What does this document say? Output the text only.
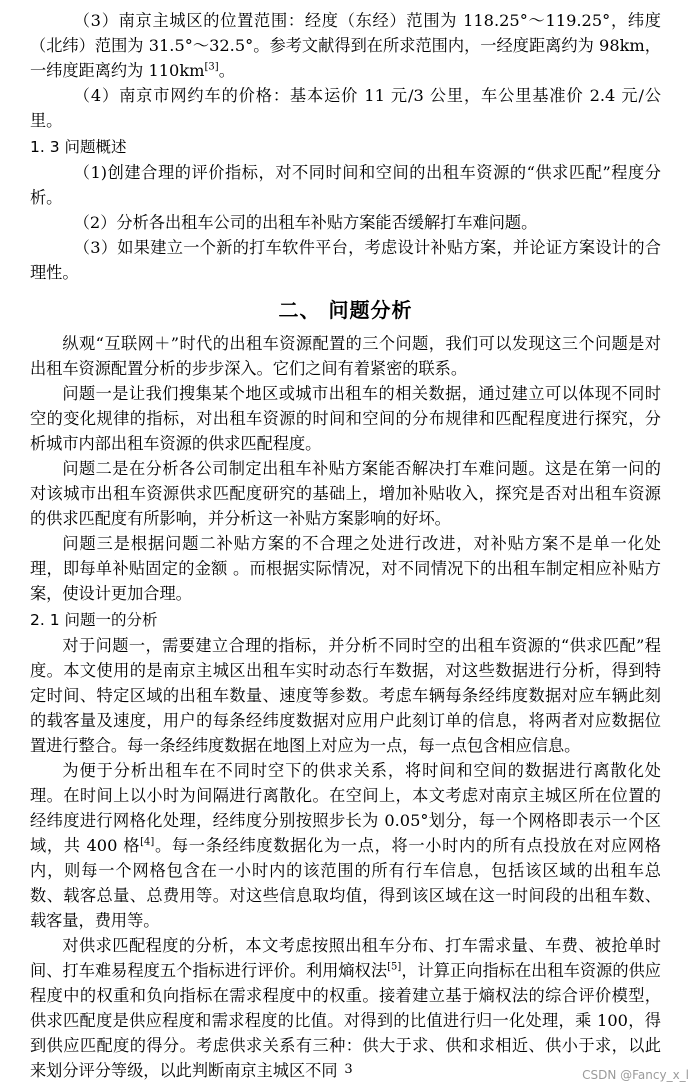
（3）南京主城区的位置范围：经度（东经）范围为 118.25°～119.25°，纬度（北纬）范围为 31.5°～32.5°。参考文献得到在所求范围内，一经度距离约为 98km，一纬度距离约为 110km[3]。

（4）南京市网约车的价格：基本运价 11 元/3 公里，车公里基准价 2.4 元/公里。

1. 3 问题概述

（1)创建合理的评价指标，对不同时间和空间的出租车资源的“供求匹配”程度分析。

（2）分析各出租车公司的出租车补贴方案能否缓解打车难问题。

（3）如果建立一个新的打车软件平台，考虑设计补贴方案，并论证方案设计的合理性。

二、 问题分析

纵观“互联网＋”时代的出租车资源配置的三个问题，我们可以发现这三个问题是对出租车资源配置分析的步步深入。它们之间有着紧密的联系。

问题一是让我们搜集某个地区或城市出租车的相关数据，通过建立可以体现不同时空的变化规律的指标，对出租车资源的时间和空间的分布规律和匹配程度进行探究，分析城市内部出租车资源的供求匹配程度。

问题二是在分析各公司制定出租车补贴方案能否解决打车难问题。这是在第一问的对该城市出租车资源供求匹配度研究的基础上，增加补贴收入，探究是否对出租车资源的供求匹配度有所影响，并分析这一补贴方案影响的好坏。

问题三是根据问题二补贴方案的不合理之处进行改进，对补贴方案不是单一化处理，即每单补贴固定的金额 。而根据实际情况，对不同情况下的出租车制定相应补贴方案，使设计更加合理。

2. 1 问题一的分析

对于问题一，需要建立合理的指标，并分析不同时空的出租车资源的“供求匹配”程度。本文使用的是南京主城区出租车实时动态行车数据，对这些数据进行分析，得到特定时间、特定区域的出租车数量、速度等参数。考虑车辆每条经纬度数据对应车辆此刻的载客量及速度，用户的每条经纬度数据对应用户此刻订单的信息，将两者对应数据位置进行整合。每一条经纬度数据在地图上对应为一点，每一点包含相应信息。

为便于分析出租车在不同时空下的供求关系，将时间和空间的数据进行离散化处理。在时间上以小时为间隔进行离散化。在空间上，本文考虑对南京主城区所在位置的经纬度进行网格化处理，经纬度分别按照步长为 0.05°划分，每一个网格即表示一个区域，共 400 格[4]。每一条经纬度数据化为一点，将一小时内的所有点投放在对应网格内，则每一个网格包含在一小时内的该范围的所有行车信息，包括该区域的出租车总数、载客总量、总费用等。对这些信息取均值，得到该区域在这一时间段的出租车数、载客量，费用等。

对供求匹配程度的分析，本文考虑按照出租车分布、打车需求量、车费、被抢单时间、打车难易程度五个指标进行评价。利用熵权法[5]，计算正向指标在出租车资源的供应程度中的权重和负向指标在需求程度中的权重。接着建立基于熵权法的综合评价模型，供求匹配度是供应程度和需求程度的比值。对得到的比值进行归一化处理，乘 100，得到供应匹配度的得分。考虑供求关系有三种：供大于求、供和求相近、供小于求，以此来划分评分等级，以此判断南京主城区不同 3	CSDN @Fancy_x_l
